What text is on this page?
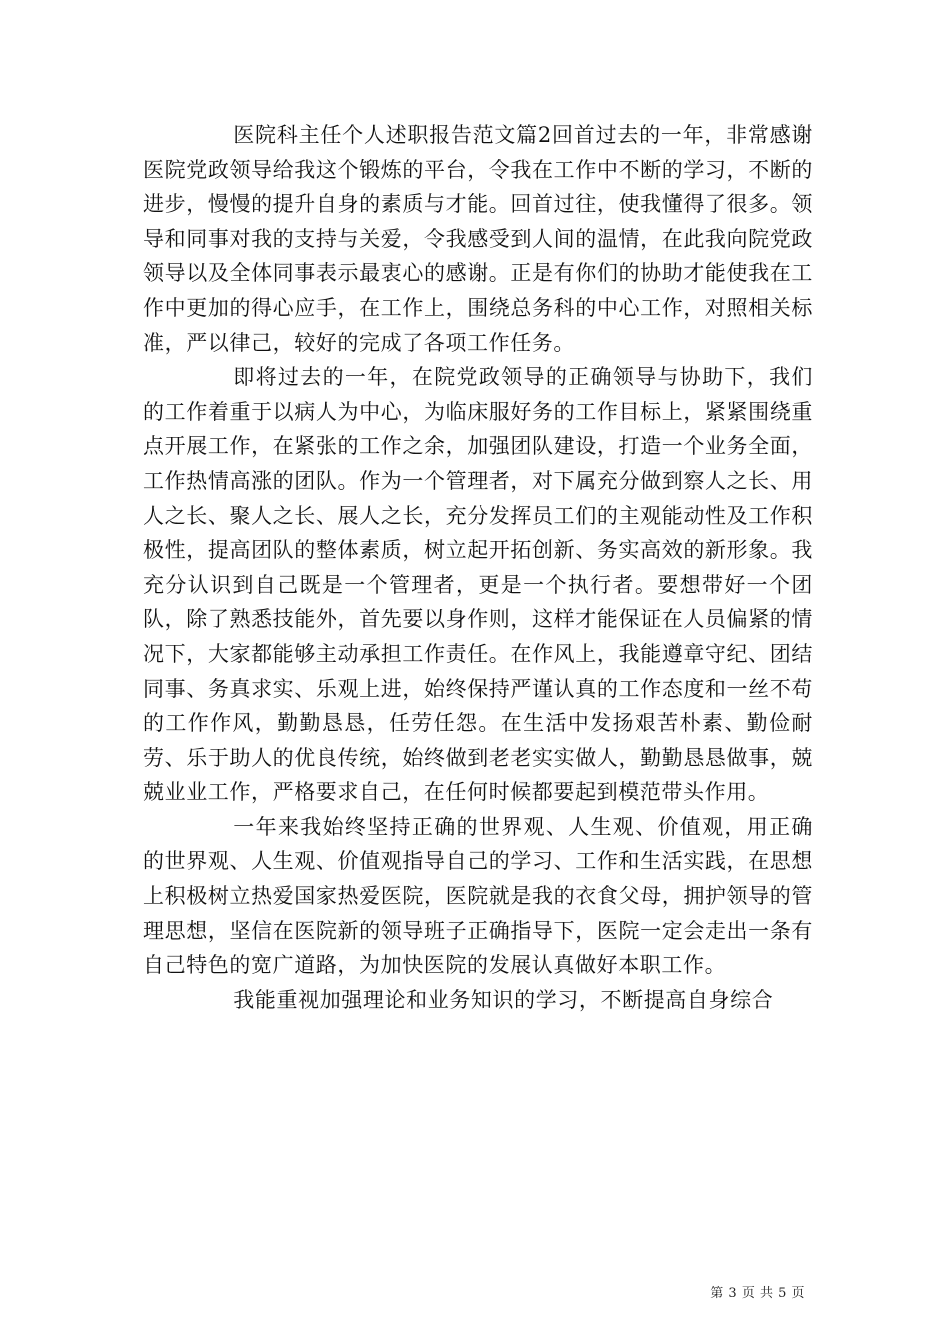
医院科主任个人述职报告范文篇2回首过去的一年，非常感谢医院党政领导给我这个锻炼的平台，令我在工作中不断的学习，不断的进步，慢慢的提升自身的素质与才能。回首过往，使我懂得了很多。领导和同事对我的支持与关爱，令我感受到人间的温情，在此我向院党政领导以及全体同事表示最衷心的感谢。正是有你们的协助才能使我在工作中更加的得心应手，在工作上，围绕总务科的中心工作，对照相关标准，严以律己，较好的完成了各项工作任务。

即将过去的一年，在院党政领导的正确领导与协助下，我们的工作着重于以病人为中心，为临床服好务的工作目标上，紧紧围绕重点开展工作，在紧张的工作之余，加强团队建设，打造一个业务全面，工作热情高涨的团队。作为一个管理者，对下属充分做到察人之长、用人之长、聚人之长、展人之长，充分发挥员工们的主观能动性及工作积极性，提高团队的整体素质，树立起开拓创新、务实高效的新形象。我充分认识到自己既是一个管理者，更是一个执行者。要想带好一个团队，除了熟悉技能外，首先要以身作则，这样才能保证在人员偏紧的情况下，大家都能够主动承担工作责任。在作风上，我能遵章守纪、团结同事、务真求实、乐观上进，始终保持严谨认真的工作态度和一丝不苟的工作作风，勤勤恳恳，任劳任怨。在生活中发扬艰苦朴素、勤俭耐劳、乐于助人的优良传统，始终做到老老实实做人，勤勤恳恳做事，兢兢业业工作，严格要求自己，在任何时候都要起到模范带头作用。

一年来我始终坚持正确的世界观、人生观、价值观，用正确的世界观、人生观、价值观指导自己的学习、工作和生活实践，在思想上积极树立热爱国家热爱医院，医院就是我的衣食父母，拥护领导的管理思想，坚信在医院新的领导班子正确指导下，医院一定会走出一条有自己特色的宽广道路，为加快医院的发展认真做好本职工作。

我能重视加强理论和业务知识的学习，不断提高自身综合

第 3 页 共 5 页
